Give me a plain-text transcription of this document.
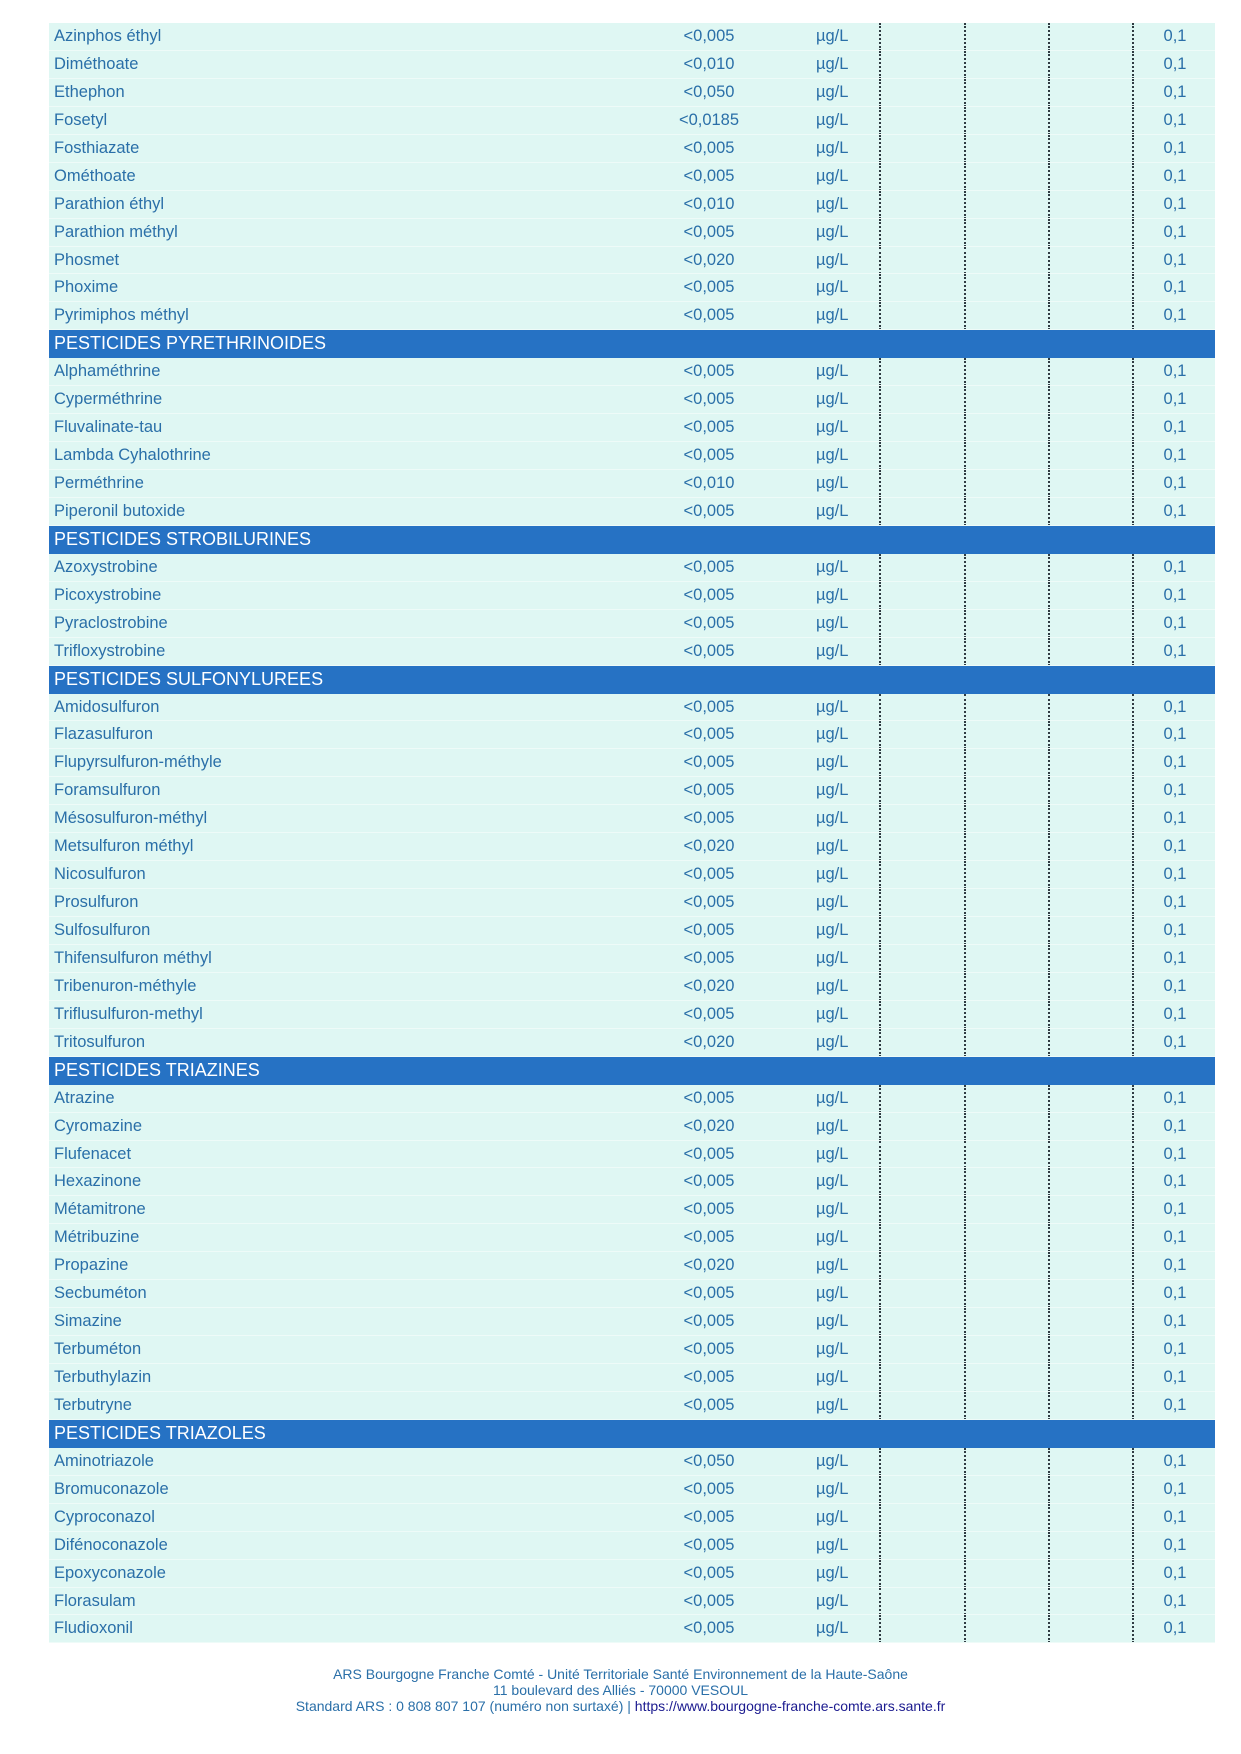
Azinphos éthyl	<0,005	µg/L	0,1
Diméthoate	<0,010	µg/L	0,1
Ethephon	<0,050	µg/L	0,1
Fosetyl	<0,0185	µg/L	0,1
Fosthiazate	<0,005	µg/L	0,1
Ométhoate	<0,005	µg/L	0,1
Parathion éthyl	<0,010	µg/L	0,1
Parathion méthyl	<0,005	µg/L	0,1
Phosmet	<0,020	µg/L	0,1
Phoxime	<0,005	µg/L	0,1
Pyrimiphos méthyl	<0,005	µg/L	0,1
PESTICIDES PYRETHRINOIDES
Alphaméthrine	<0,005	µg/L	0,1
Cyperméthrine	<0,005	µg/L	0,1
Fluvalinate-tau	<0,005	µg/L	0,1
Lambda Cyhalothrine	<0,005	µg/L	0,1
Perméthrine	<0,010	µg/L	0,1
Piperonil butoxide	<0,005	µg/L	0,1
PESTICIDES STROBILURINES
Azoxystrobine	<0,005	µg/L	0,1
Picoxystrobine	<0,005	µg/L	0,1
Pyraclostrobine	<0,005	µg/L	0,1
Trifloxystrobine	<0,005	µg/L	0,1
PESTICIDES SULFONYLUREES
Amidosulfuron	<0,005	µg/L	0,1
Flazasulfuron	<0,005	µg/L	0,1
Flupyrsulfuron-méthyle	<0,005	µg/L	0,1
Foramsulfuron	<0,005	µg/L	0,1
Mésosulfuron-méthyl	<0,005	µg/L	0,1
Metsulfuron méthyl	<0,020	µg/L	0,1
Nicosulfuron	<0,005	µg/L	0,1
Prosulfuron	<0,005	µg/L	0,1
Sulfosulfuron	<0,005	µg/L	0,1
Thifensulfuron méthyl	<0,005	µg/L	0,1
Tribenuron-méthyle	<0,020	µg/L	0,1
Triflusulfuron-methyl	<0,005	µg/L	0,1
Tritosulfuron	<0,020	µg/L	0,1
PESTICIDES TRIAZINES
Atrazine	<0,005	µg/L	0,1
Cyromazine	<0,020	µg/L	0,1
Flufenacet	<0,005	µg/L	0,1
Hexazinone	<0,005	µg/L	0,1
Métamitrone	<0,005	µg/L	0,1
Métribuzine	<0,005	µg/L	0,1
Propazine	<0,020	µg/L	0,1
Secbuméton	<0,005	µg/L	0,1
Simazine	<0,005	µg/L	0,1
Terbuméton	<0,005	µg/L	0,1
Terbuthylazin	<0,005	µg/L	0,1
Terbutryne	<0,005	µg/L	0,1
PESTICIDES TRIAZOLES
Aminotriazole	<0,050	µg/L	0,1
Bromuconazole	<0,005	µg/L	0,1
Cyproconazol	<0,005	µg/L	0,1
Difénoconazole	<0,005	µg/L	0,1
Epoxyconazole	<0,005	µg/L	0,1
Florasulam	<0,005	µg/L	0,1
Fludioxonil	<0,005	µg/L	0,1
ARS Bourgogne Franche Comté - Unité Territoriale Santé Environnement de la Haute-Saône
11 boulevard des Alliés - 70000 VESOUL
Standard ARS : 0 808 807 107 (numéro non surtaxé) | https://www.bourgogne-franche-comte.ars.sante.fr
